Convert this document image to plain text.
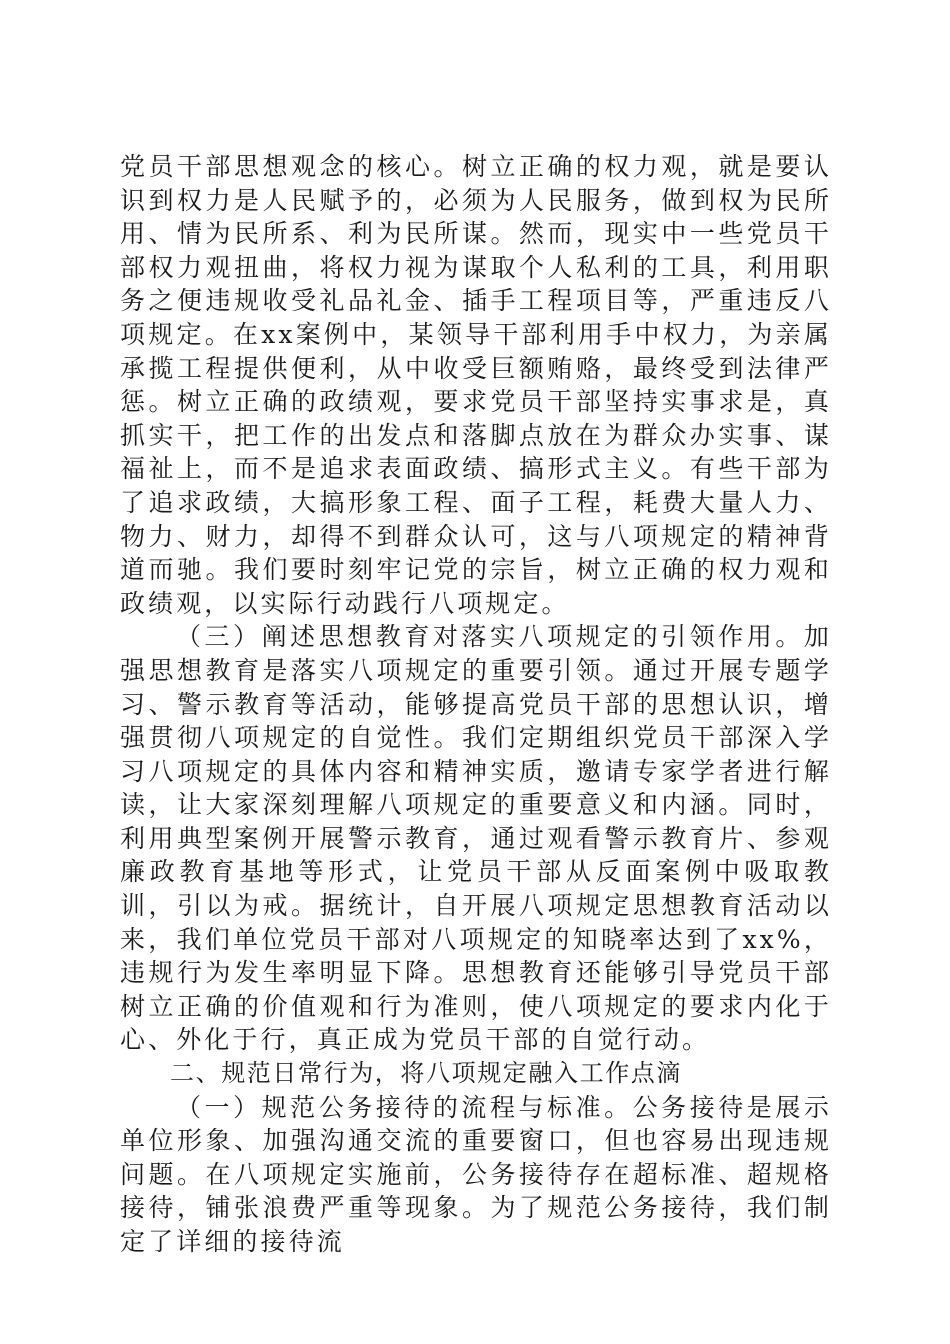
党员干部思想观念的核心。树立正确的权力观，就是要认识到权力是人民赋予的，必须为人民服务，做到权为民所用、情为民所系、利为民所谋。然而，现实中一些党员干部权力观扭曲，将权力视为谋取个人私利的工具，利用职务之便违规收受礼品礼金、插手工程项目等，严重违反八项规定。在xx案例中，某领导干部利用手中权力，为亲属承揽工程提供便利，从中收受巨额贿赂，最终受到法律严惩。树立正确的政绩观，要求党员干部坚持实事求是，真抓实干，把工作的出发点和落脚点放在为群众办实事、谋福祉上，而不是追求表面政绩、搞形式主义。有些干部为了追求政绩，大搞形象工程、面子工程，耗费大量人力、物力、财力，却得不到群众认可，这与八项规定的精神背道而驰。我们要时刻牢记党的宗旨，树立正确的权力观和政绩观，以实际行动践行八项规定。

（三）阐述思想教育对落实八项规定的引领作用。加强思想教育是落实八项规定的重要引领。通过开展专题学习、警示教育等活动，能够提高党员干部的思想认识，增强贯彻八项规定的自觉性。我们定期组织党员干部深入学习八项规定的具体内容和精神实质，邀请专家学者进行解读，让大家深刻理解八项规定的重要意义和内涵。同时，利用典型案例开展警示教育，通过观看警示教育片、参观廉政教育基地等形式，让党员干部从反面案例中吸取教训，引以为戒。据统计，自开展八项规定思想教育活动以来，我们单位党员干部对八项规定的知晓率达到了xx%，违规行为发生率明显下降。思想教育还能够引导党员干部树立正确的价值观和行为准则，使八项规定的要求内化于心、外化于行，真正成为党员干部的自觉行动。

二、规范日常行为，将八项规定融入工作点滴

（一）规范公务接待的流程与标准。公务接待是展示单位形象、加强沟通交流的重要窗口，但也容易出现违规问题。在八项规定实施前，公务接待存在超标准、超规格接待，铺张浪费严重等现象。为了规范公务接待，我们制定了详细的接待流
